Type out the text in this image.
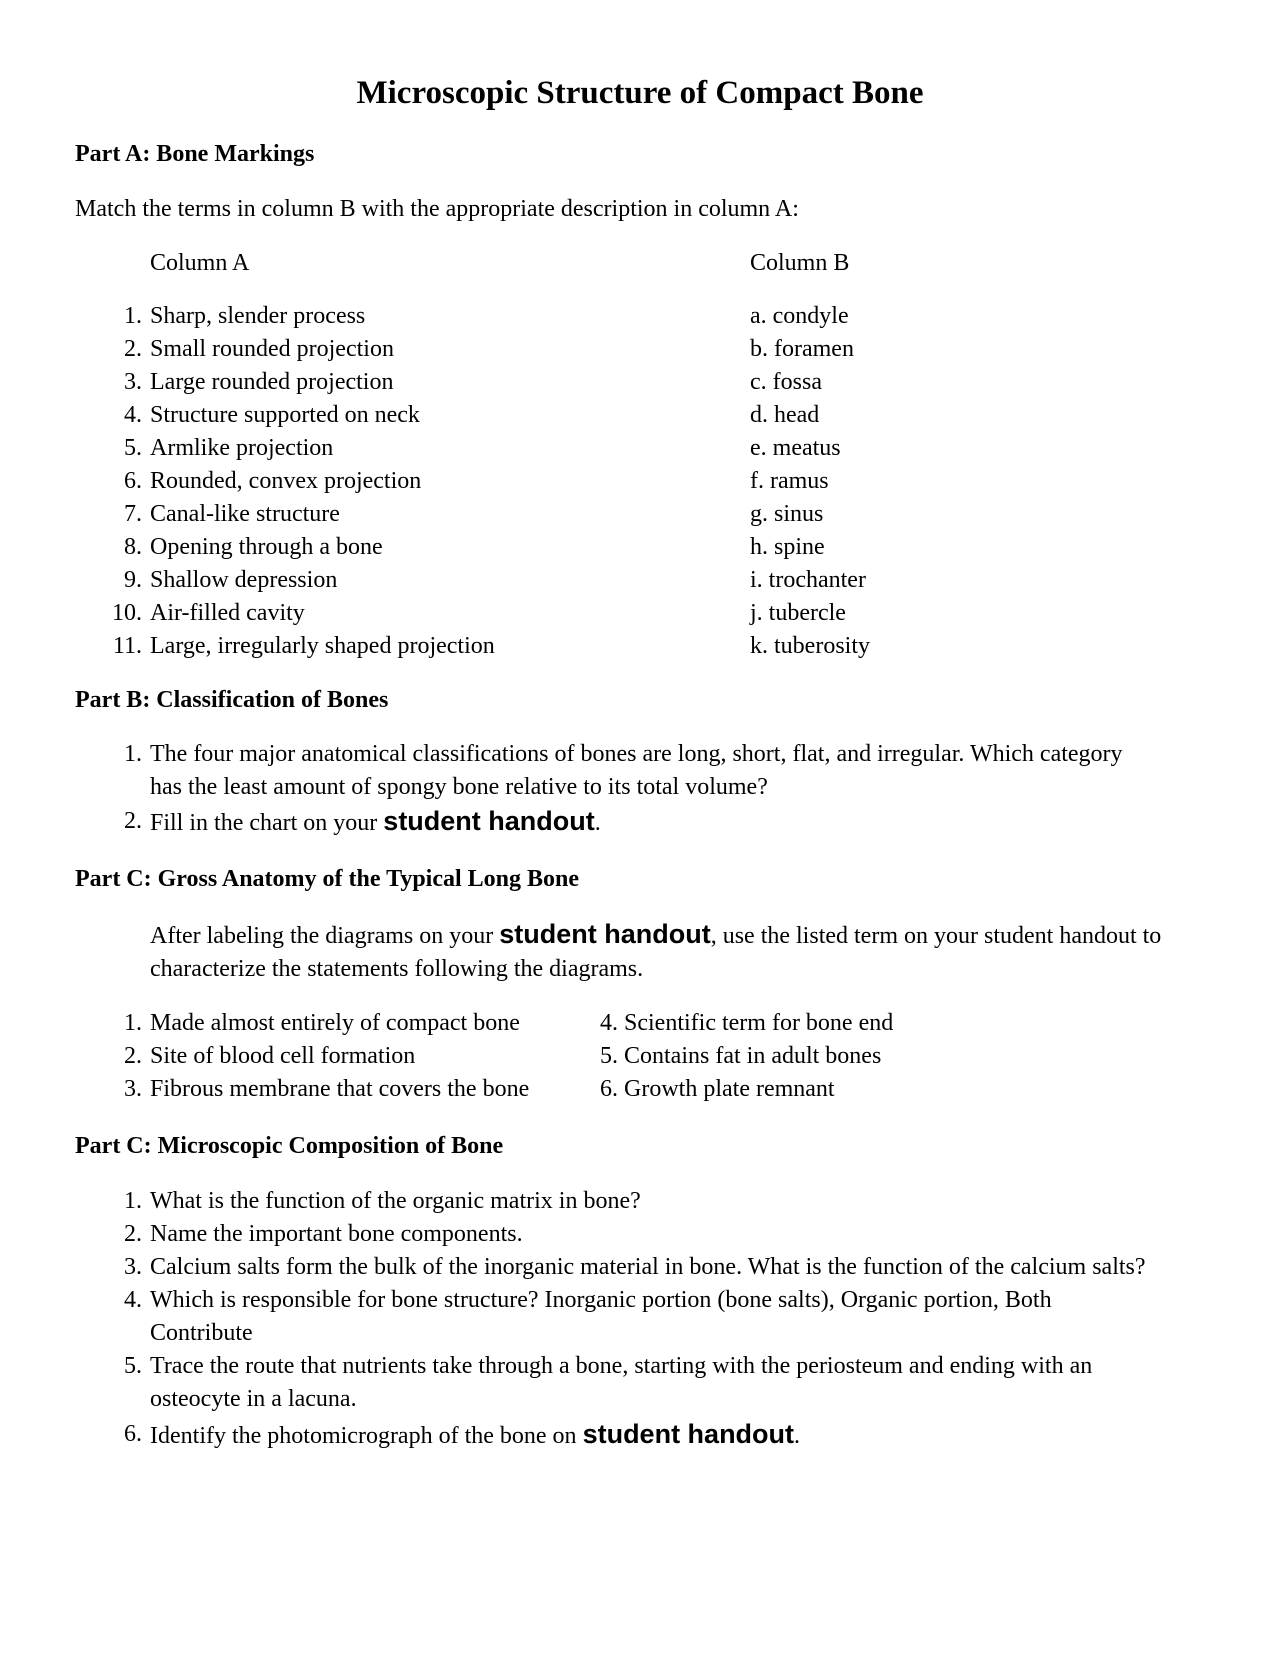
Microscopic Structure of Compact Bone
Part A: Bone Markings
Match the terms in column B with the appropriate description in column A:
Column A	Column B
1. Sharp, slender process
2. Small rounded projection
3. Large rounded projection
4. Structure supported on neck
5. Armlike projection
6. Rounded, convex projection
7. Canal-like structure
8. Opening through a bone
9. Shallow depression
10. Air-filled cavity
11. Large, irregularly shaped projection
a. condyle
b. foramen
c. fossa
d. head
e. meatus
f. ramus
g. sinus
h. spine
i. trochanter
j. tubercle
k. tuberosity
Part B: Classification of Bones
1. The four major anatomical classifications of bones are long, short, flat, and irregular. Which category
has the least amount of spongy bone relative to its total volume?
2. Fill in the chart on your student handout.
Part C: Gross Anatomy of the Typical Long Bone
After labeling the diagrams on your student handout, use the listed term on your student handout to
characterize the statements following the diagrams.
1. Made almost entirely of compact bone
2. Site of blood cell formation
3. Fibrous membrane that covers the bone
4. Scientific term for bone end
5. Contains fat in adult bones
6. Growth plate remnant
Part C: Microscopic Composition of Bone
1. What is the function of the organic matrix in bone?
2. Name the important bone components.
3. Calcium salts form the bulk of the inorganic material in bone. What is the function of the calcium salts?
4. Which is responsible for bone structure? Inorganic portion (bone salts), Organic portion, Both
Contribute
5. Trace the route that nutrients take through a bone, starting with the periosteum and ending with an
osteocyte in a lacuna.
6. Identify the photomicrograph of the bone on student handout.
